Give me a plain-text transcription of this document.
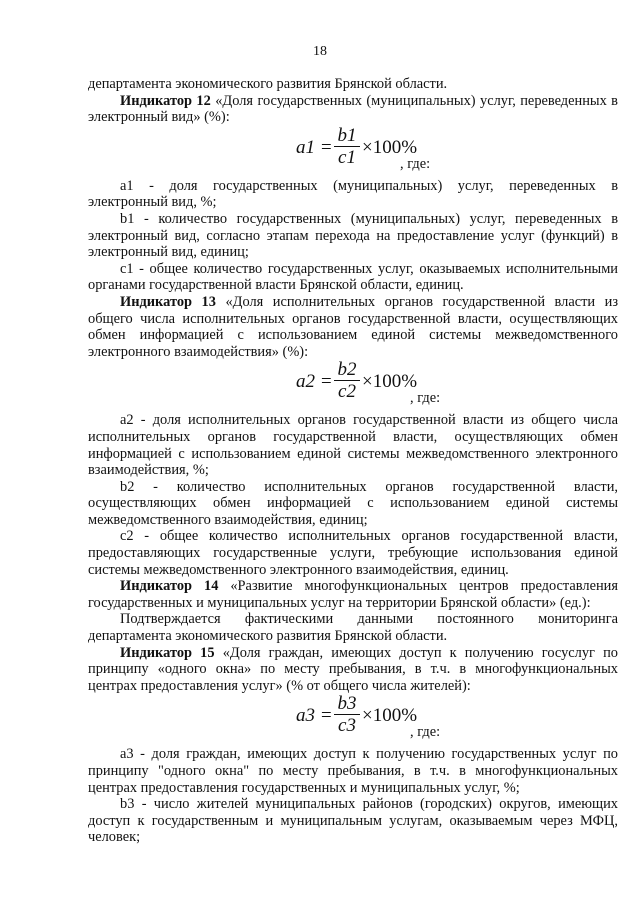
18

департамента экономического развития Брянской области.

Индикатор 12 «Доля государственных (муниципальных) услуг, переведенных в электронный вид» (%):

$a1 = \frac{b1}{c1} \times 100\%$
, где:

a1 - доля государственных (муниципальных) услуг, переведенных в электронный вид, %;

b1 - количество государственных (муниципальных) услуг, переведенных в электронный вид, согласно этапам перехода на предоставление услуг (функций) в электронный вид, единиц;

c1 - общее количество государственных услуг, оказываемых исполнительными органами государственной власти Брянской области, единиц.

Индикатор 13 «Доля исполнительных органов государственной власти из общего числа исполнительных органов государственной власти, осуществляющих обмен информацией с использованием единой системы межведомственного электронного взаимодействия» (%):

$a2 = \frac{b2}{c2} \times 100\%$
, где:

a2 - доля исполнительных органов государственной власти из общего числа исполнительных органов государственной власти, осуществляющих обмен информацией с использованием единой системы межведомственного электронного взаимодействия, %;

b2 - количество исполнительных органов государственной власти, осуществляющих обмен информацией с использованием единой системы межведомственного взаимодействия, единиц;

c2 - общее количество исполнительных органов государственной власти, предоставляющих государственные услуги, требующие использования единой системы межведомственного электронного взаимодействия, единиц.

Индикатор 14 «Развитие многофункциональных центров предоставления государственных и муниципальных услуг на территории Брянской области» (ед.):

Подтверждается фактическими данными постоянного мониторинга департамента экономического развития Брянской области.

Индикатор 15 «Доля граждан, имеющих доступ к получению госуслуг по принципу «одного окна» по месту пребывания, в т.ч. в многофункциональных центрах предоставления услуг» (% от общего числа жителей):

$a3 = \frac{b3}{c3} \times 100\%$
, где:

a3 - доля граждан, имеющих доступ к получению государственных услуг по принципу "одного окна" по месту пребывания, в т.ч. в многофункциональных центрах предоставления государственных и муниципальных услуг, %;

b3 - число жителей муниципальных районов (городских) округов, имеющих доступ к государственным и муниципальным услугам, оказываемым через МФЦ, человек;
